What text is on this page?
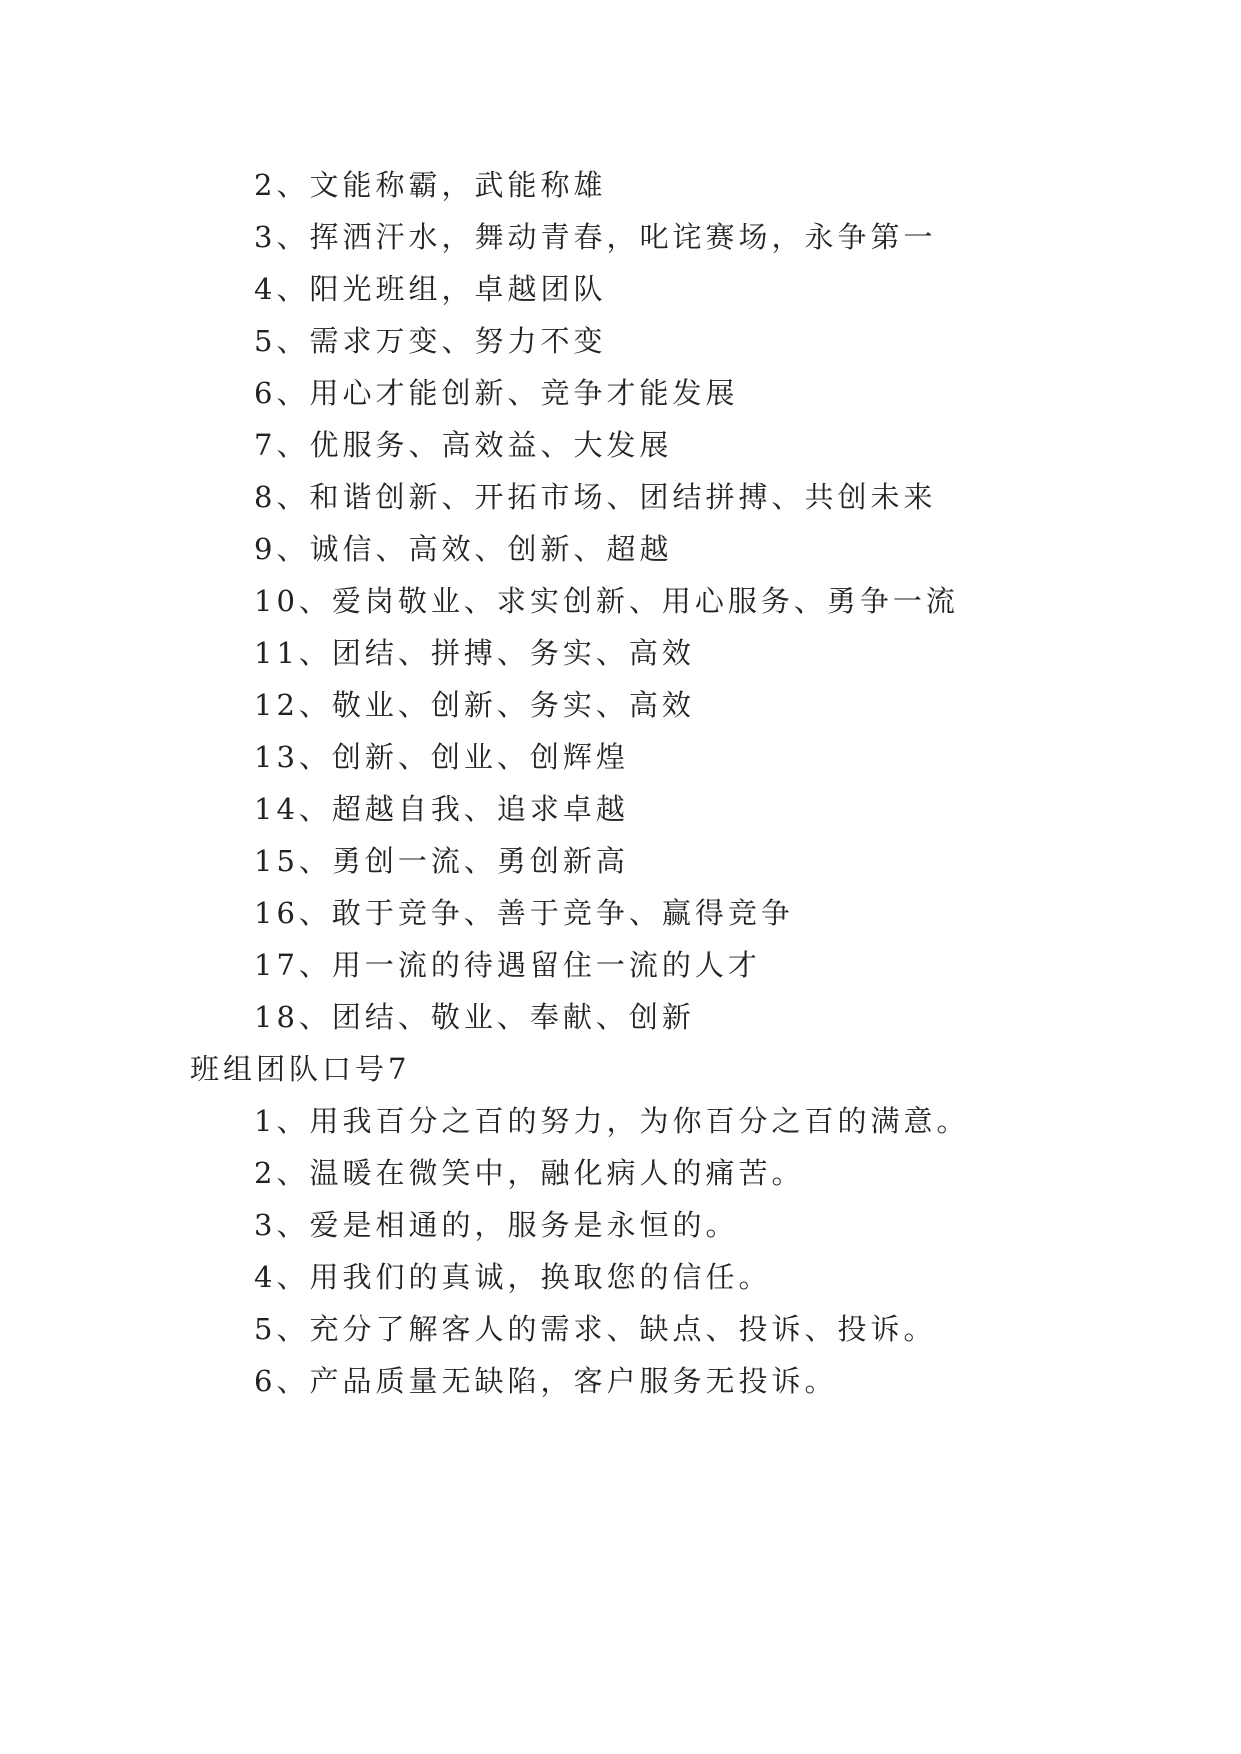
2、文能称霸，武能称雄
3、挥洒汗水，舞动青春，叱诧赛场，永争第一
4、阳光班组，卓越团队
5、需求万变、努力不变
6、用心才能创新、竞争才能发展
7、优服务、高效益、大发展
8、和谐创新、开拓市场、团结拼搏、共创未来
9、诚信、高效、创新、超越
10、爱岗敬业、求实创新、用心服务、勇争一流
11、团结、拼搏、务实、高效
12、敬业、创新、务实、高效
13、创新、创业、创辉煌
14、超越自我、追求卓越
15、勇创一流、勇创新高
16、敢于竞争、善于竞争、赢得竞争
17、用一流的待遇留住一流的人才
18、团结、敬业、奉献、创新
班组团队口号7
1、用我百分之百的努力，为你百分之百的满意。
2、温暖在微笑中，融化病人的痛苦。
3、爱是相通的，服务是永恒的。
4、用我们的真诚，换取您的信任。
5、充分了解客人的需求、缺点、投诉、投诉。
6、产品质量无缺陷，客户服务无投诉。
